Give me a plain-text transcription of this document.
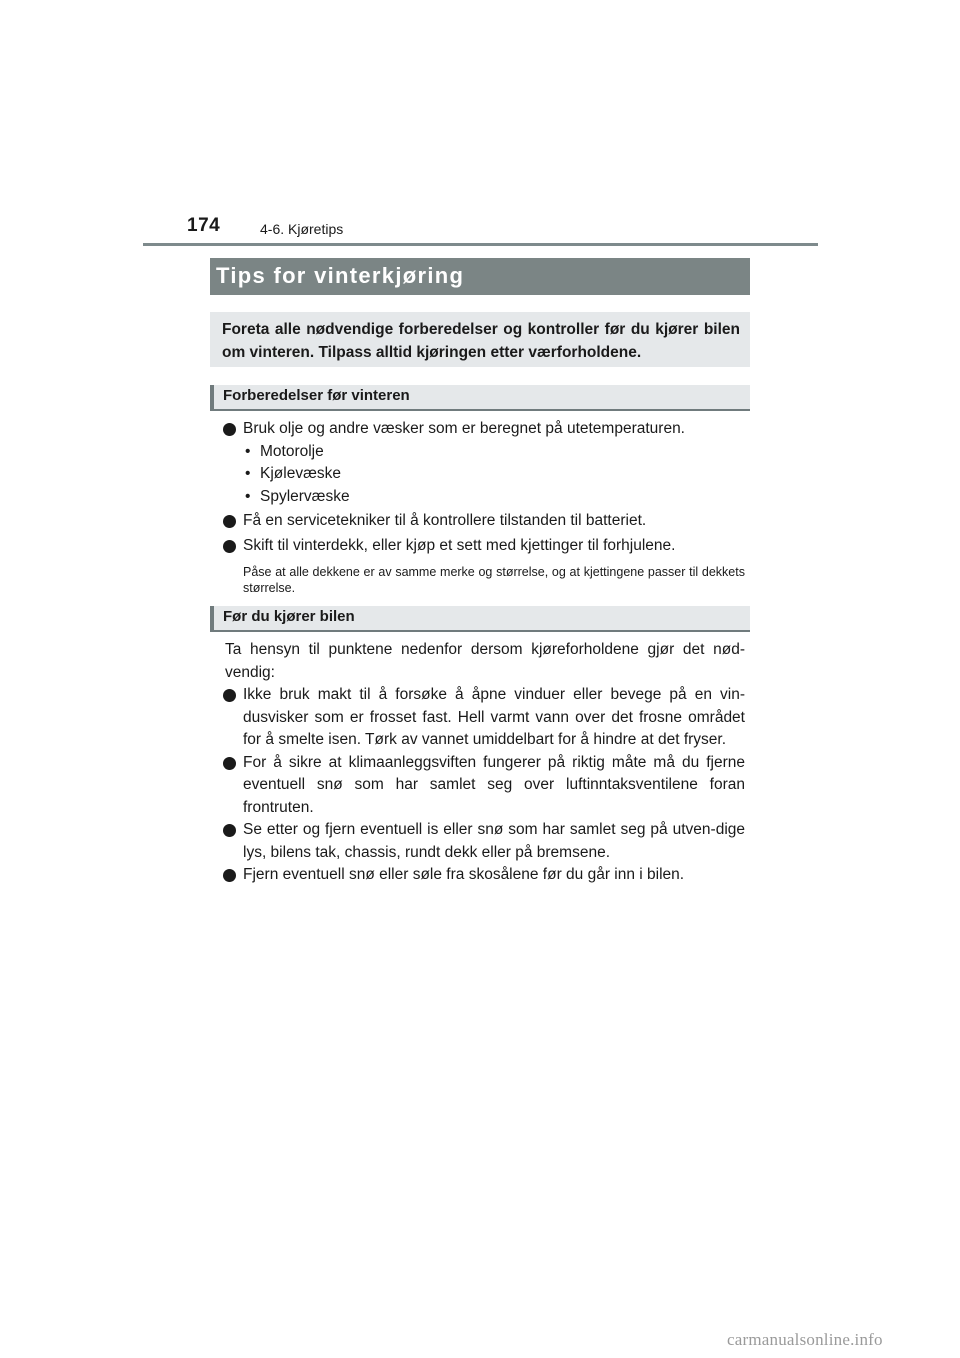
174	4-6. Kjøretips
Tips for vinterkjøring
Foreta alle nødvendige forberedelser og kontroller før du kjører bilen om vinteren. Tilpass alltid kjøringen etter værforholdene.
Forberedelser før vinteren
Bruk olje og andre væsker som er beregnet på utetemperaturen.
• Motorolje
• Kjølevæske
• Spylervæske
Få en servicetekniker til å kontrollere tilstanden til batteriet.
Skift til vinterdekk, eller kjøp et sett med kjettinger til forhjulene.
Påse at alle dekkene er av samme merke og størrelse, og at kjettingene passer til dekkets størrelse.
Før du kjører bilen
Ta hensyn til punktene nedenfor dersom kjøreforholdene gjør det nød-vendig:
Ikke bruk makt til å forsøke å åpne vinduer eller bevege på en vin-dusvisker som er frosset fast. Hell varmt vann over det frosne området for å smelte isen. Tørk av vannet umiddelbart for å hindre at det fryser.
For å sikre at klimaanleggsviften fungerer på riktig måte må du fjerne eventuell snø som har samlet seg over luftinntaksventilene foran frontruten.
Se etter og fjern eventuell is eller snø som har samlet seg på utven-dige lys, bilens tak, chassis, rundt dekk eller på bremsene.
Fjern eventuell snø eller søle fra skosålene før du går inn i bilen.
carmanualsonline.info
